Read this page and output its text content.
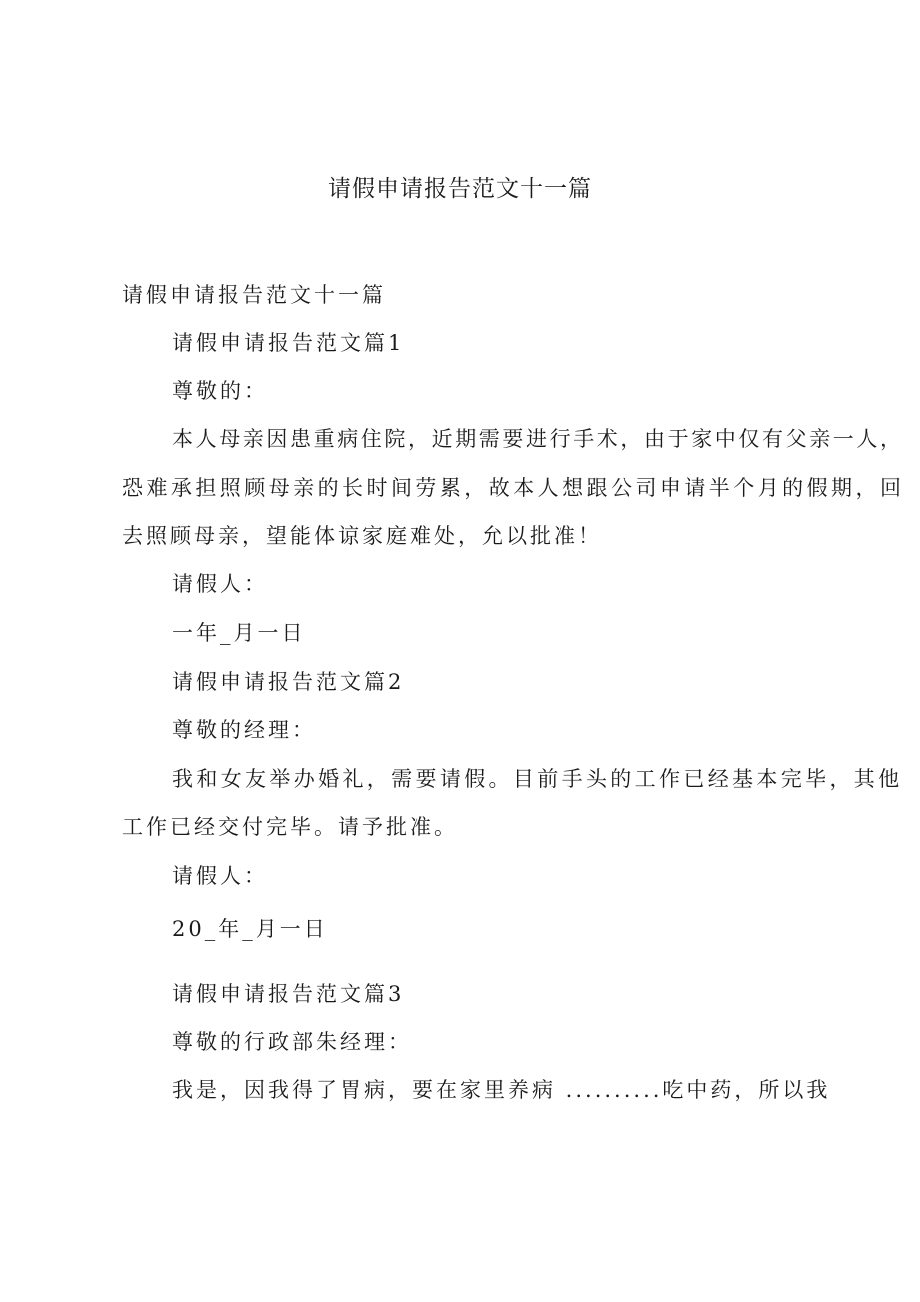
请假申请报告范文十一篇
请假申请报告范文十一篇
请假申请报告范文篇1
尊敬的：
本人母亲因患重病住院，近期需要进行手术，由于家中仅有父亲一人，
恐难承担照顾母亲的长时间劳累，故本人想跟公司申请半个月的假期，回
去照顾母亲，望能体谅家庭难处，允以批准！
请假人：
一年_月一日
请假申请报告范文篇2
尊敬的经理：
我和女友举办婚礼，需要请假。目前手头的工作已经基本完毕，其他
工作已经交付完毕。请予批准。
请假人：
20_年_月一日
请假申请报告范文篇3
尊敬的行政部朱经理：
我是，因我得了胃病，要在家里养病 ..........吃中药，所以我
